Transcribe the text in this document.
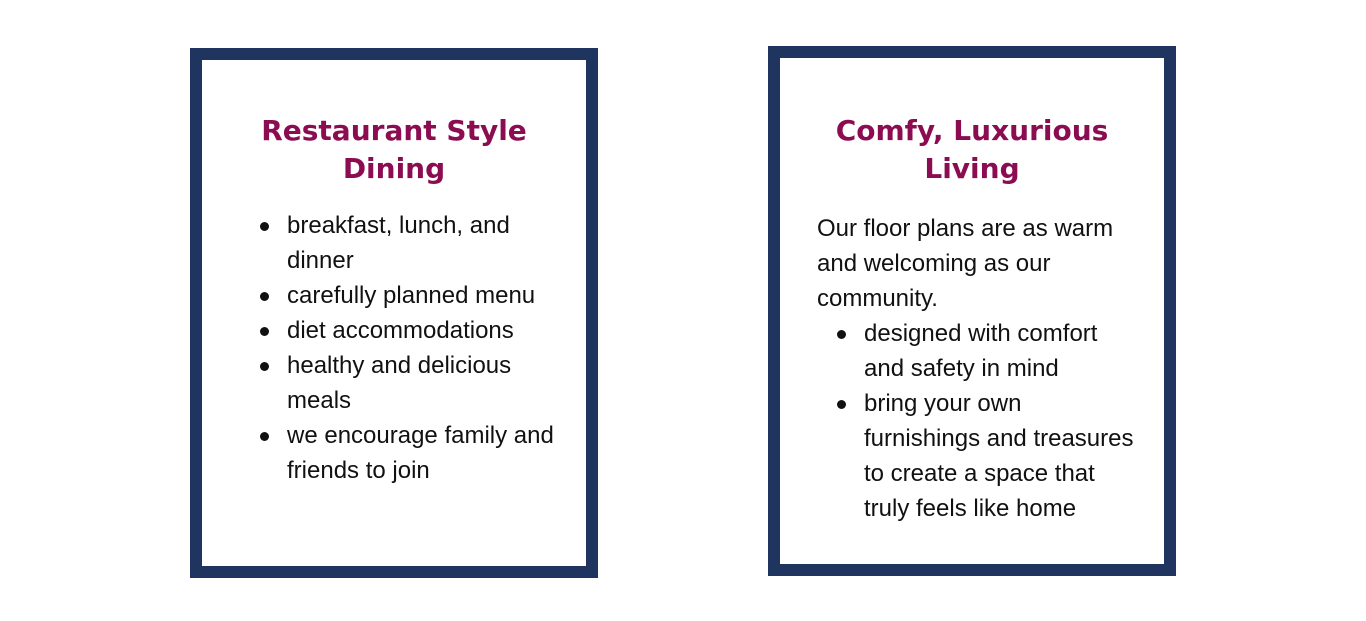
Restaurant Style
Dining
breakfast, lunch, and dinner
carefully planned menu
diet accommodations
healthy and delicious meals
we encourage family and friends to join
Comfy, Luxurious
Living

Our floor plans are as warm and welcoming as our community.

designed with comfort and safety in mind
bring your own furnishings and treasures to create a space that truly feels like home
